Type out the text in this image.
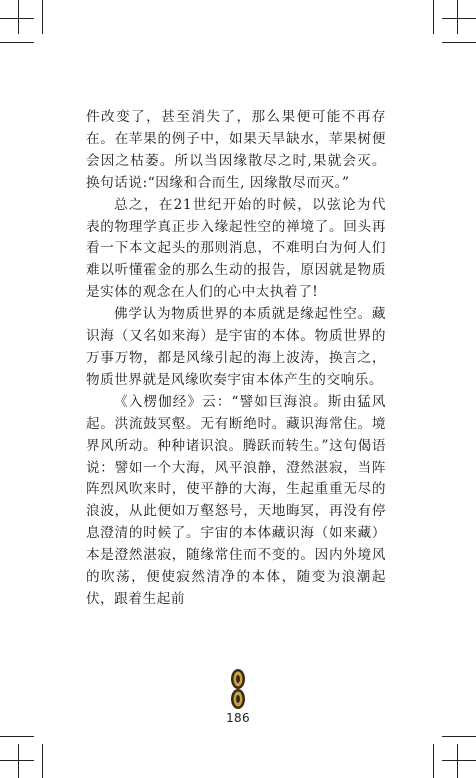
件改变了，甚至消失了，那么果便可能不再存在。在苹果的例子中，如果天旱缺水，苹果树便会因之枯萎。所以当因缘散尽之时,果就会灭。换句话说:“因缘和合而生, 因缘散尽而灭。”

总之，在21世纪开始的时候，以弦论为代表的物理学真正步入缘起性空的禅境了。回头再看一下本文起头的那则消息，不难明白为何人们难以听懂霍金的那么生动的报告，原因就是物质是实体的观念在人们的心中太执着了!

佛学认为物质世界的本质就是缘起性空。藏识海（又名如来海）是宇宙的本体。物质世界的万事万物，都是风缘引起的海上波涛，换言之，物质世界就是风缘吹奏宇宙本体产生的交响乐。

《入楞伽经》云：“譬如巨海浪。斯由猛风起。洪流鼓冥壑。无有断绝时。藏识海常住。境界风所动。种种诸识浪。腾跃而转生。”这句偈语说：譬如一个大海，风平浪静，澄然湛寂，当阵阵烈风吹来时，使平静的大海，生起重重无尽的浪波，从此便如万壑怒号，天地晦冥，再没有停息澄清的时候了。宇宙的本体藏识海（如来藏）本是澄然湛寂，随缘常住而不变的。因内外境风的吹荡，便使寂然清净的本体，随变为浪潮起伏，跟着生起前

186
